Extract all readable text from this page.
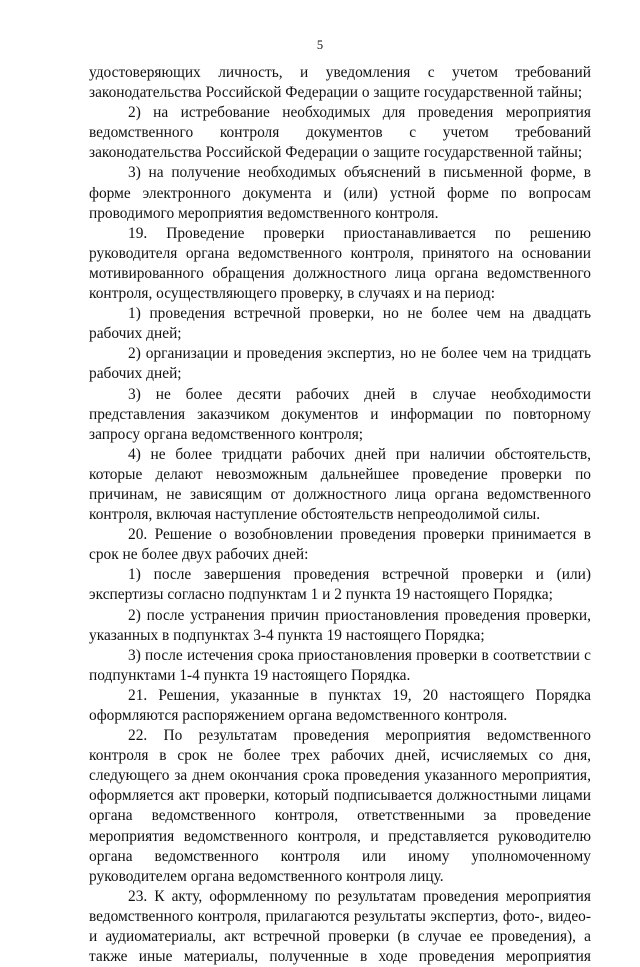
5

удостоверяющих личность, и уведомления с учетом требований законодательства Российской Федерации о защите государственной тайны;

2) на истребование необходимых для проведения мероприятия ведомственного контроля документов с учетом требований законодательства Российской Федерации о защите государственной тайны;

3) на получение необходимых объяснений в письменной форме, в форме электронного документа и (или) устной форме по вопросам проводимого мероприятия ведомственного контроля.

19. Проведение проверки приостанавливается по решению руководителя органа ведомственного контроля, принятого на основании мотивированного обращения должностного лица органа ведомственного контроля, осуществляющего проверку, в случаях и на период:

1) проведения встречной проверки, но не более чем на двадцать рабочих дней;

2) организации и проведения экспертиз, но не более чем на тридцать рабочих дней;

3) не более десяти рабочих дней в случае необходимости представления заказчиком документов и информации по повторному запросу органа ведомственного контроля;

4) не более тридцати рабочих дней при наличии обстоятельств, которые делают невозможным дальнейшее проведение проверки по причинам, не зависящим от должностного лица органа ведомственного контроля, включая наступление обстоятельств непреодолимой силы.

20. Решение о возобновлении проведения проверки принимается в срок не более двух рабочих дней:

1) после завершения проведения встречной проверки и (или) экспертизы согласно подпунктам 1 и 2 пункта 19 настоящего Порядка;

2) после устранения причин приостановления проведения проверки, указанных в подпунктах 3-4 пункта 19 настоящего Порядка;

3) после истечения срока приостановления проверки в соответствии с подпунктами 1-4 пункта 19 настоящего Порядка.

21. Решения, указанные в пунктах 19, 20 настоящего Порядка оформляются распоряжением органа ведомственного контроля.

22. По результатам проведения мероприятия ведомственного контроля в срок не более трех рабочих дней, исчисляемых со дня, следующего за днем окончания срока проведения указанного мероприятия, оформляется акт проверки, который подписывается должностными лицами органа ведомственного контроля, ответственными за проведение мероприятия ведомственного контроля, и представляется руководителю органа ведомственного контроля или иному уполномоченному руководителем органа ведомственного контроля лицу.

23. К акту, оформленному по результатам проведения мероприятия ведомственного контроля, прилагаются результаты экспертиз, фото-, видео- и аудиоматериалы, акт встречной проверки (в случае ее проведения), а также иные материалы, полученные в ходе проведения мероприятия
